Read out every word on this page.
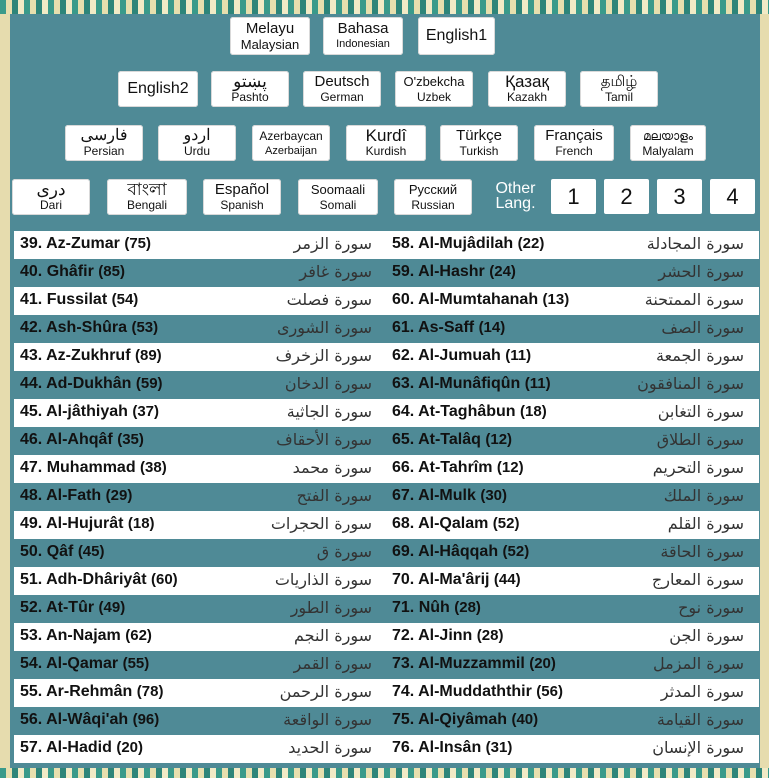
Melayu
Malaysian
Bahasa
Indonesian English1
English2	پښتو
Pashto
Deutsch
German
O'zbekcha
Uzbek
Қазақ
Kazakh
தமிழ்
Tamil
فارسی
Persian
اردو
Urdu
Azerbaycan
Azerbaijan
Kurdî
Kurdish
Türkçe
Turkish
Français
French
മലയാളം
Malyalam
دری
Dari
বাংলা
Bengali
Español
Spanish
Soomaali
Somali
Русский
Russian
Other
Lang.	1	2	3	4
39. Az-Zumar (75)	سورة الزمر 58. Al-Mujâdilah (22)	سورة المجادلة
40. Ghâfir (85)	سورة غافر 59. Al-Hashr (24)	سورة الحشر
41. Fussilat (54)	سورة فصلت 60. Al-Mumtahanah (13)	سورة الممتحنة
42. Ash-Shûra (53)	سورة الشورى 61. As-Saff (14)	سورة الصف
43. Az-Zukhruf (89)	سورة الزخرف 62. Al-Jumuah (11)	سورة الجمعة
44. Ad-Dukhân (59)	سورة الدخان 63. Al-Munâfiqûn (11)	سورة المنافقون
45. Al-jâthiyah (37)	سورة الجاثية 64. At-Taghâbun (18)	سورة التغابن
46. Al-Ahqâf (35)	سورة الأحقاف 65. At-Talâq (12)	سورة الطلاق
47. Muhammad (38)	سورة محمد 66. At-Tahrîm (12)	سورة التحريم
48. Al-Fath (29)	سورة الفتح 67. Al-Mulk (30)	سورة الملك
49. Al-Hujurât (18)	سورة الحجرات 68. Al-Qalam (52)	سورة القلم
50. Qâf (45)	سورة ق 69. Al-Hâqqah (52)	سورة الحاقة
51. Adh-Dhâriyât (60)	سورة الذاريات 70. Al-Ma'ârij (44)	سورة المعارج
52. At-Tûr (49)	سورة الطور 71. Nûh (28)	سورة نوح
53. An-Najam (62)	سورة النجم 72. Al-Jinn (28)	سورة الجن
54. Al-Qamar (55)	سورة القمر 73. Al-Muzzammil (20)	سورة المزمل
55. Ar-Rehmân (78)	سورة الرحمن 74. Al-Muddaththir (56)	سورة المدثر
56. Al-Wâqi'ah (96)	سورة الواقعة 75. Al-Qiyâmah (40)	سورة القيامة
57. Al-Hadid (20)	سورة الحديد 76. Al-Insân (31)	سورة الإنسان
